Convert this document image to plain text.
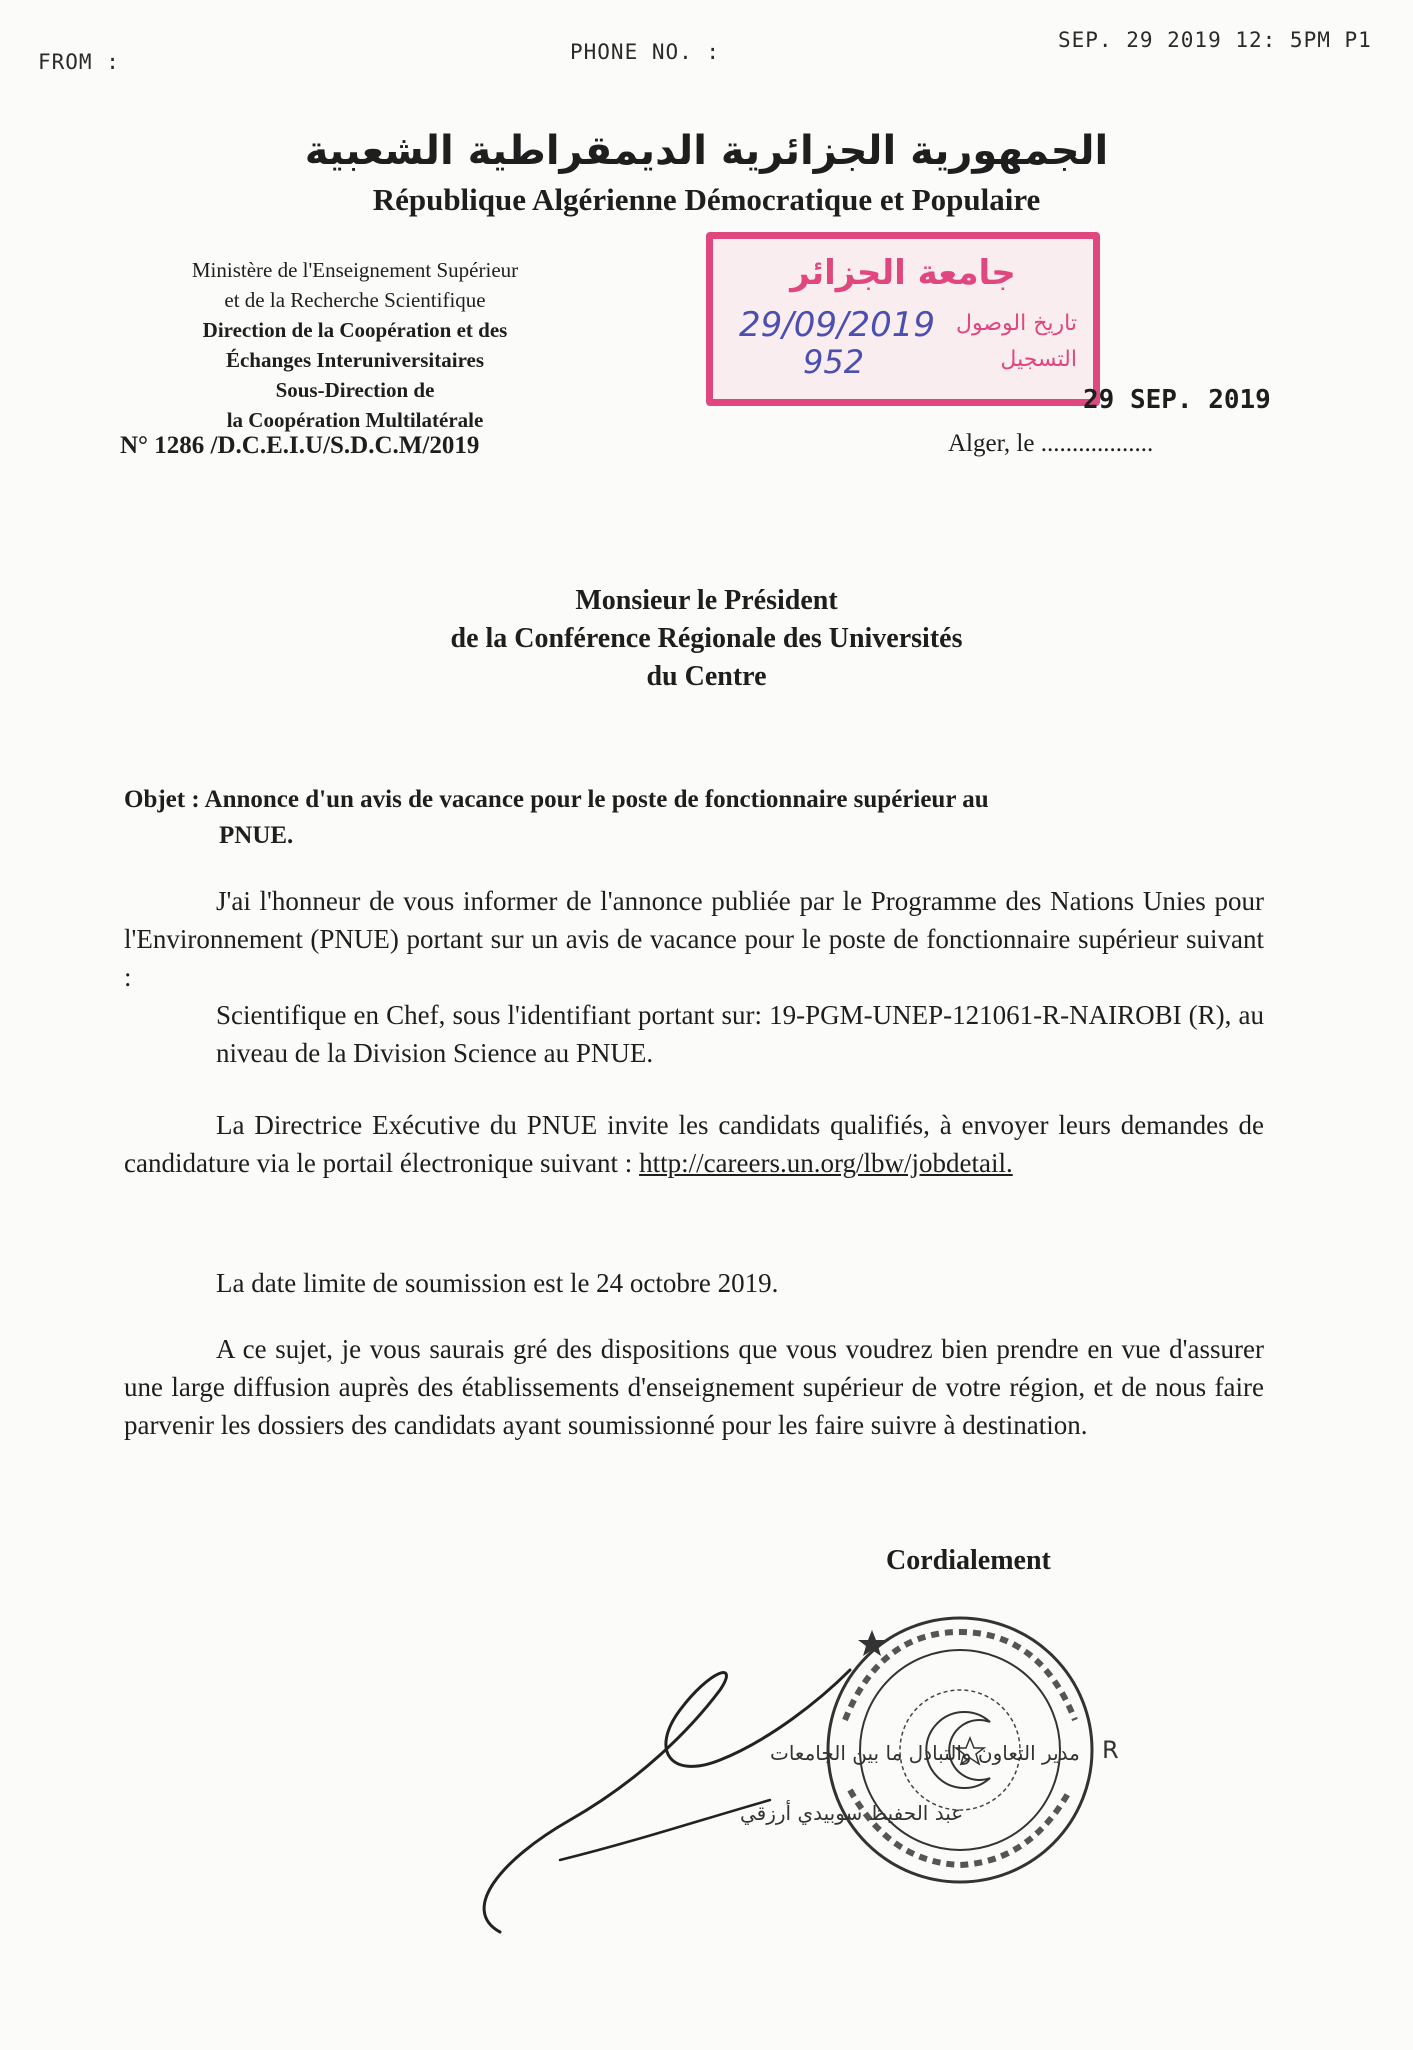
FROM :	PHONE NO. :	SEP. 29 2019 12: 5PM P1
الجمهورية الجزائرية الديمقراطية الشعبية
République Algérienne Démocratique et Populaire
Ministère de l'Enseignement Supérieur
et de la Recherche Scientifique
Direction de la Coopération et des
Échanges Interuniversitaires
Sous-Direction de
la Coopération Multilatérale
N° 1286 /D.C.E.I.U/S.D.C.M/2019
جامعة الجزائر
تاريخ الوصول
التسجيل
29/09/2019
952
29 SEP. 2019
Alger, le ..................
Monsieur le Président
de la Conférence Régionale des Universités
du Centre
Objet : Annonce d'un avis de vacance pour le poste de fonctionnaire supérieur au
PNUE.
J'ai l'honneur de vous informer de l'annonce publiée par le Programme des Nations Unies pour l'Environnement (PNUE) portant sur un avis de vacance pour le poste de fonctionnaire supérieur suivant :
Scientifique en Chef, sous l'identifiant portant sur: 19-PGM-UNEP-121061-R-NAIROBI (R), au niveau de la Division Science au PNUE.
La Directrice Exécutive du PNUE invite les candidats qualifiés, à envoyer leurs demandes de candidature via le portail électronique suivant : http://careers.un.org/lbw/jobdetail.
La date limite de soumission est le 24 octobre 2019.
A ce sujet, je vous saurais gré des dispositions que vous voudrez bien prendre en vue d'assurer une large diffusion auprès des établissements d'enseignement supérieur de votre région, et de nous faire parvenir les dossiers des candidats ayant soumissionné pour les faire suivre à destination.
Cordialement
R
مدير التعاون والتبادل ما بين الجامعات
عبد الحفيظ سوبيدي أرزقي
